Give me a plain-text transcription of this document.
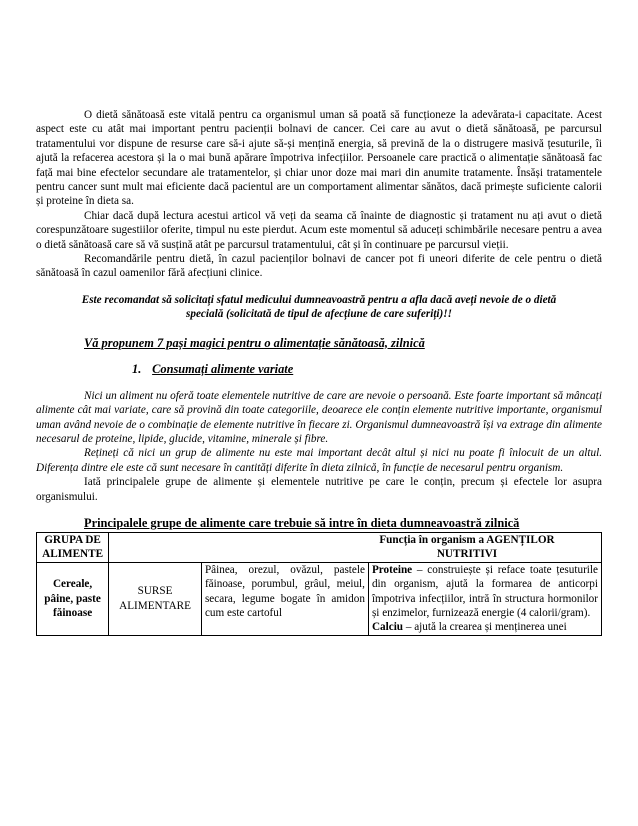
O dietă sănătoasă este vitală pentru ca organismul uman să poată să funcționeze la adevărata-i capacitate. Acest aspect este cu atât mai important pentru pacienții bolnavi de cancer. Cei care au avut o dietă sănătoasă, pe parcursul tratamentului vor dispune de resurse care să-i ajute să-și mențină energia, să prevină de la o distrugere masivă țesuturile, îi ajută la refacerea acestora și la o mai bună apărare împotriva infecțiilor. Persoanele care practică o alimentație sănătoasă fac față mai bine efectelor secundare ale tratamentelor, și chiar unor doze mai mari din anumite tratamente. Însăși tratamentele pentru cancer sunt mult mai eficiente dacă pacientul are un comportament alimentar sănătos, dacă primește suficiente calorii și proteine în dieta sa.

Chiar dacă după lectura acestui articol vă veți da seama că înainte de diagnostic și tratament nu ați avut o dietă corespunzătoare sugestiilor oferite, timpul nu este pierdut. Acum este momentul să aduceți schimbările necesare pentru a avea o dietă sănătoasă care să vă susțină atât pe parcursul tratamentului, cât și în continuare pe parcursul vieții.

Recomandările pentru dietă, în cazul pacienților bolnavi de cancer pot fi uneori diferite de cele pentru o dietă sănătoasă în cazul oamenilor fără afecțiuni clinice.

Este recomandat să solicitați sfatul medicului dumneavoastră pentru a afla dacă aveți nevoie de o dietă specială (solicitată de tipul de afecțiune de care suferiți)!!

Vă propunem 7 pași magici pentru o alimentație sănătoasă, zilnică

1. Consumați alimente variate

Nici un aliment nu oferă toate elementele nutritive de care are nevoie o persoană. Este foarte important să mâncați alimente cât mai variate, care să provină din toate categoriile, deoarece ele conțin elemente nutritive importante, organismul uman având nevoie de o combinație de elemente nutritive în fiecare zi. Organismul dumneavoastră își va extrage din alimente necesarul de proteine, lipide, glucide, vitamine, minerale și fibre.

Rețineți că nici un grup de alimente nu este mai important decât altul și nici nu poate fi înlocuit de un altul. Diferența dintre ele este că sunt necesare în cantități diferite în dieta zilnică, în funcție de necesarul pentru organism.

Iată principalele grupe de alimente și elementele nutritive pe care le conțin, precum și efectele lor asupra organismului.

Principalele grupe de alimente care trebuie să intre în dieta dumneavoastră zilnică

GRUPA DE ALIMENTE	Funcția în organism a AGENȚILOR NUTRITIVI		
Cereale, pâine, paste făinoase	SURSE ALIMENTARE	Pâinea, orezul, ovăzul, pastele făinoase, porumbul, grâul, meiul, secara, legume bogate în amidon cum este cartoful	Proteine – construiește și reface toate țesuturile din organism, ajută la formarea de anticorpi împotriva infecțiilor, intră în structura hormonilor și enzimelor, furnizează energie (4 calorii/gram).
Calciu – ajută la crearea și menținerea unei
